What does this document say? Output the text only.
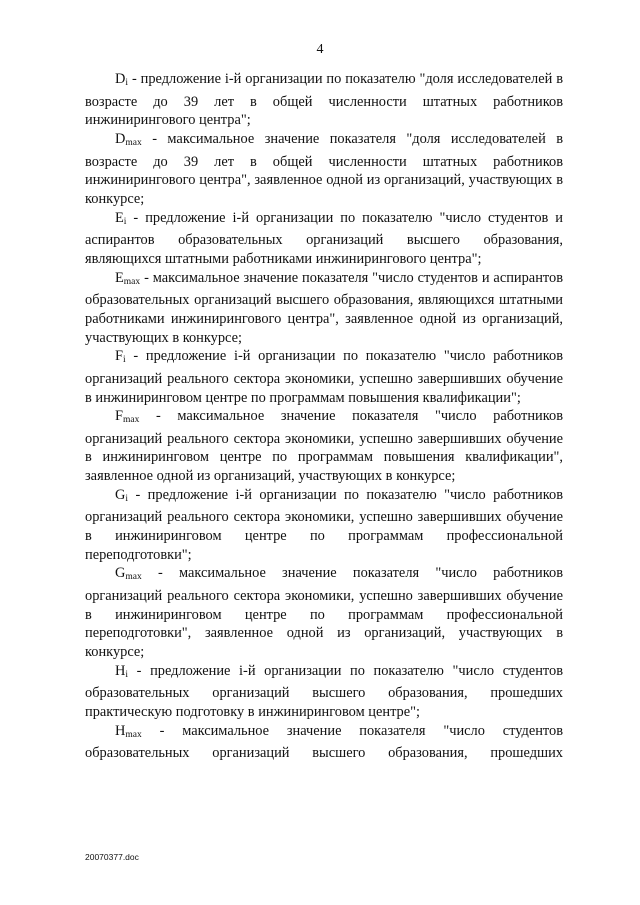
4

$D_i$ - предложение i-й организации по показателю "доля исследователей в возрасте до 39 лет в общей численности штатных работников инжинирингового центра";

$D_{max}$ - максимальное значение показателя "доля исследователей в возрасте до 39 лет в общей численности штатных работников инжинирингового центра", заявленное одной из организаций, участвующих в конкурсе;

$E_i$ - предложение i-й организации по показателю "число студентов и аспирантов образовательных организаций высшего образования, являющихся штатными работниками инжинирингового центра";

$E_{max}$ - максимальное значение показателя "число студентов и аспирантов образовательных организаций высшего образования, являющихся штатными работниками инжинирингового центра", заявленное одной из организаций, участвующих в конкурсе;

$F_i$ - предложение i-й организации по показателю "число работников организаций реального сектора экономики, успешно завершивших обучение в инжиниринговом центре по программам повышения квалификации";

$F_{max}$ - максимальное значение показателя "число работников организаций реального сектора экономики, успешно завершивших обучение в инжиниринговом центре по программам повышения квалификации", заявленное одной из организаций, участвующих в конкурсе;

$G_i$ - предложение i-й организации по показателю "число работников организаций реального сектора экономики, успешно завершивших обучение в инжиниринговом центре по программам профессиональной переподготовки";

$G_{max}$ - максимальное значение показателя "число работников организаций реального сектора экономики, успешно завершивших обучение в инжиниринговом центре по программам профессиональной переподготовки", заявленное одной из организаций, участвующих в конкурсе;

$H_i$ - предложение i-й организации по показателю "число студентов образовательных организаций высшего образования, прошедших практическую подготовку в инжиниринговом центре";

$H_{max}$ - максимальное значение показателя "число студентов образовательных организаций высшего образования, прошедших

20070377.doc
